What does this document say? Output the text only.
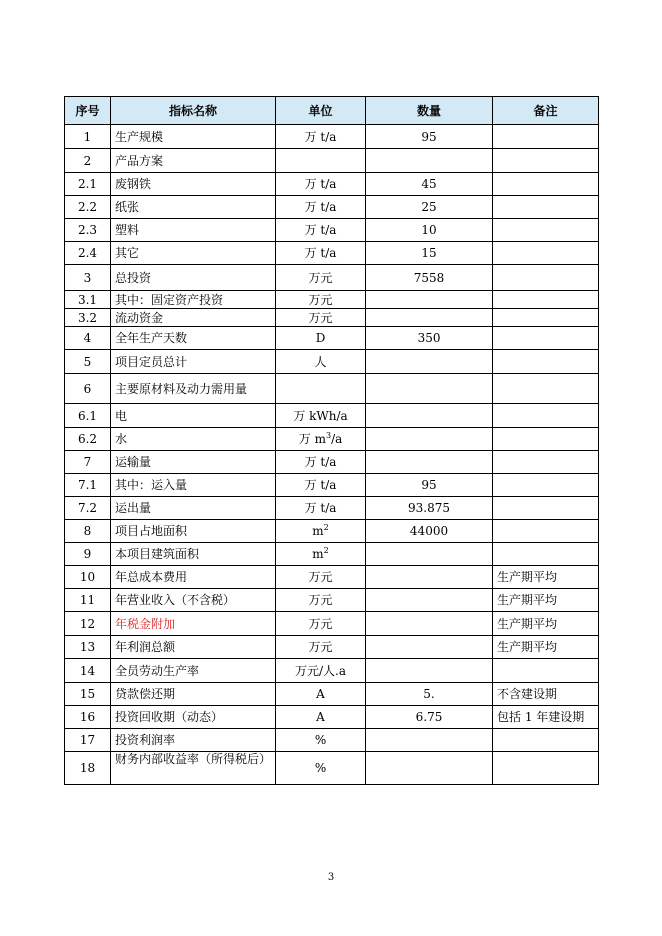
序号	指标名称	单位	数量	备注
1	生产规模	万 t/a	95	
2	产品方案			
2.1	废钢铁	万 t/a	45	
2.2	纸张	万 t/a	25	
2.3	塑料	万 t/a	10	
2.4	其它	万 t/a	15	
3	总投资	万元	7558	
3.1	其中：固定资产投资	万元		
3.2	流动资金	万元		
4	全年生产天数	D	350	
5	项目定员总计	人		
6	主要原材料及动力需用量			
6.1	电	万 kWh/a		
6.2	水	万 $m^3/a$		
7	运输量	万 t/a		
7.1	其中：运入量	万 t/a	95	
7.2	运出量	万 t/a	93.875	
8	项目占地面积	$m^2$	44000	
9	本项目建筑面积	$m^2$		
10	年总成本费用	万元		生产期平均
11	年营业收入（不含税）	万元		生产期平均
12	年税金附加	万元		生产期平均
13	年利润总额	万元		生产期平均
14	全员劳动生产率	万元/人.a		
15	贷款偿还期	A	5.	不含建设期
16	投资回收期（动态）	A	6.75	包括 1 年建设期
17	投资利润率	%		
18	财务内部收益率（所得税后）	%		
3
